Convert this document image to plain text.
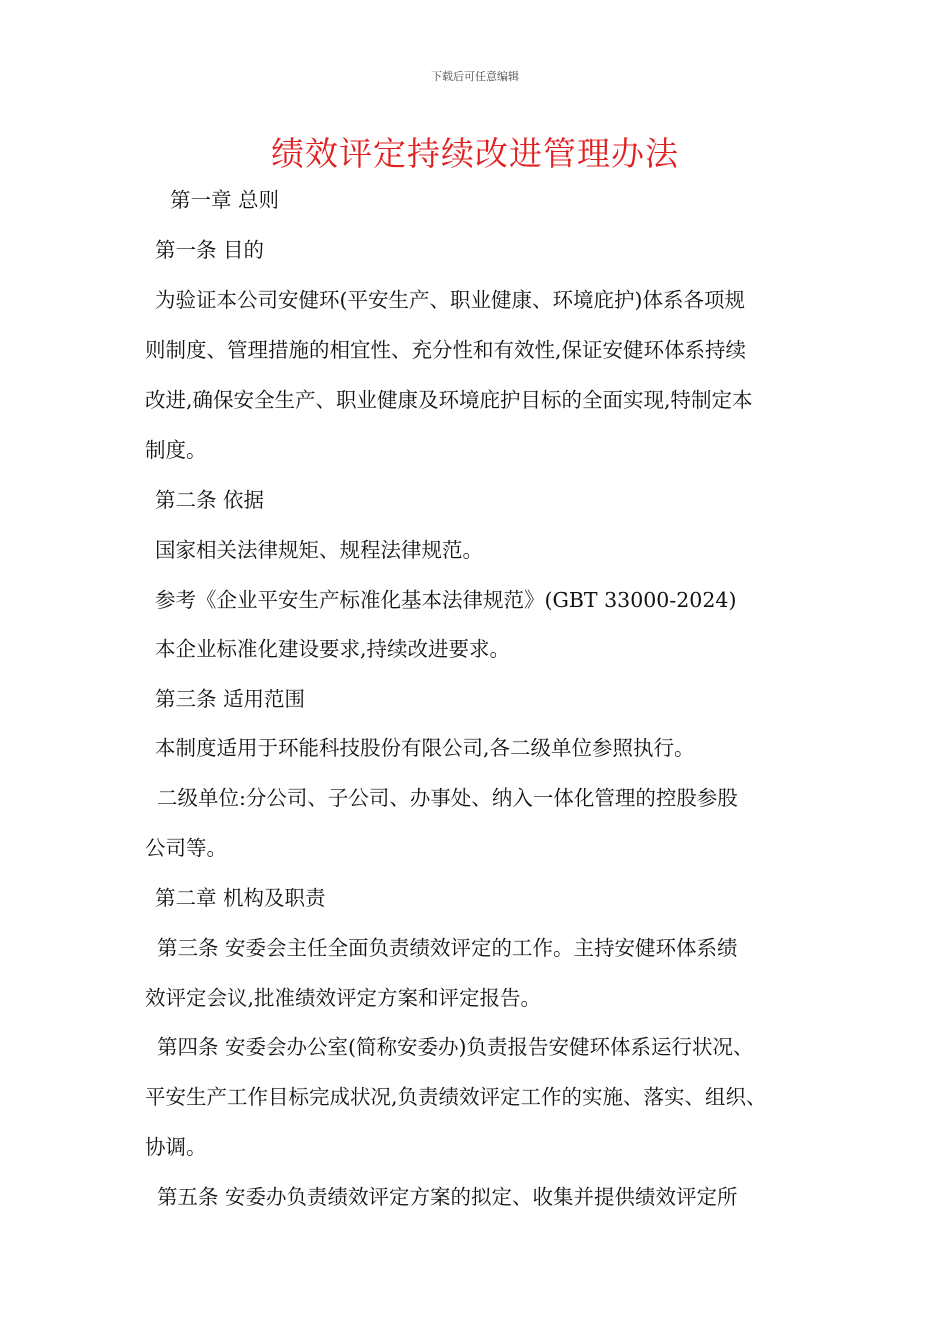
下载后可任意编辑
绩效评定持续改进管理办法
第一章 总则
第一条 目的
为验证本公司安健环(平安生产、职业健康、环境庇护)体系各项规
则制度、管理措施的相宜性、充分性和有效性,保证安健环体系持续
改进,确保安全生产、职业健康及环境庇护目标的全面实现,特制定本
制度。
第二条 依据
国家相关法律规矩、规程法律规范。
参考《企业平安生产标准化基本法律规范》(GBT 33000-2024)
本企业标准化建设要求,持续改进要求。
第三条 适用范围
本制度适用于环能科技股份有限公司,各二级单位参照执行。
二级单位:分公司、子公司、办事处、纳入一体化管理的控股参股
公司等。
第二章 机构及职责
第三条 安委会主任全面负责绩效评定的工作。主持安健环体系绩
效评定会议,批准绩效评定方案和评定报告。
第四条 安委会办公室(简称安委办)负责报告安健环体系运行状况、
平安生产工作目标完成状况,负责绩效评定工作的实施、落实、组织、
协调。
第五条 安委办负责绩效评定方案的拟定、收集并提供绩效评定所
